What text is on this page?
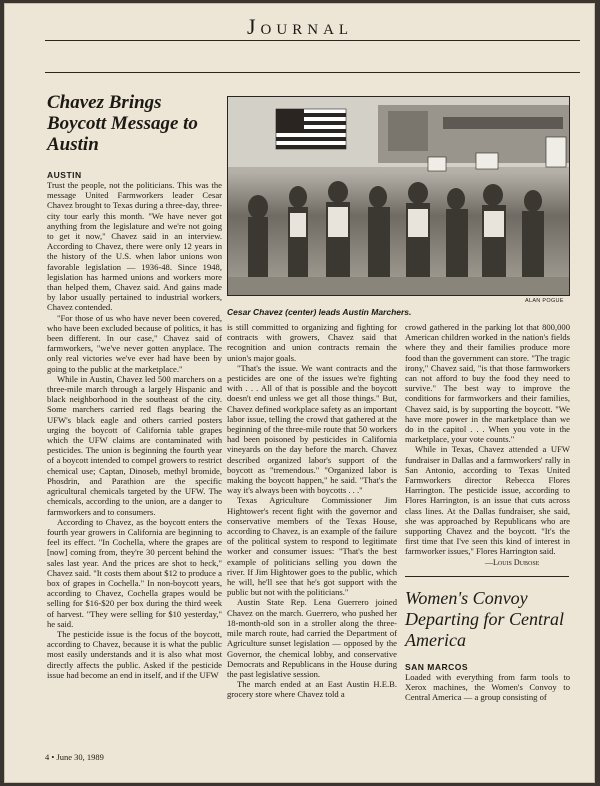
Journal
Chavez Brings Boycott Message to Austin
ALAN POGUE
Cesar Chavez (center) leads Austin Marchers.
AUSTIN

Trust the people, not the politicians. This was the message United Farmworkers leader Cesar Chavez brought to Texas during a three-day, three-city tour early this month. "We have never got anything from the legislature and we're not going to get it now," Chavez said in an interview. According to Chavez, there were only 12 years in the history of the U.S. when labor unions won favorable legislation — 1936-48. Since 1948, legislation has harmed unions and workers more than helped them, Chavez said. And gains made by labor usually pertained to industrial workers, Chavez contended.

"For those of us who have never been covered, who have been excluded because of politics, it has been different. In our case," Chavez said of farmworkers, "we've never gotten anyplace. The only real victories we've ever had have been by going to the public at the marketplace."

While in Austin, Chavez led 500 marchers on a three-mile march through a largely Hispanic and black neighborhood in the southeast of the city. Some marchers carried red flags bearing the UFW's black eagle and others carried posters urging the boycott of California table grapes which the UFW claims are contaminated with pesticides. The union is beginning the fourth year of a boycott intended to compel growers to restrict chemical use; Captan, Dinoseb, methyl bromide, Phosdrin, and Parathion are the specific agricultural chemicals targeted by the UFW. The chemicals, according to the union, are a danger to farmworkers and to consumers.

According to Chavez, as the boycott enters the fourth year growers in California are beginning to feel its effect. "In Cochella, where the grapes are [now] coming from, they're 30 percent behind the sales last year. And the prices are shot to heck," Chavez said. "It costs them about $12 to produce a box of grapes in Cochella." In non-boycott years, according to Chavez, Cochella grapes would be selling for $16-$20 per box during the third week of harvest. "They were selling for $10 yesterday," he said.

The pesticide issue is the focus of the boycott, according to Chavez, because it is what the public most easily understands and it is also what most directly affects the public. Asked if the pesticide issue had become an end in itself, and if the UFW

is still committed to organizing and fighting for contracts with growers, Chavez said that recognition and union contracts remain the union's major goals.

"That's the issue. We want contracts and the pesticides are one of the issues we're fighting with . . . All of that is possible and the boycott doesn't end unless we get all those things." But, Chavez defined workplace safety as an important labor issue, telling the crowd that gathered at the beginning of the three-mile route that 50 workers had been poisoned by pesticides in California vineyards on the day before the march. Chavez described organized labor's support of the boycott as "tremendous." "Organized labor is making the boycott happen," he said. "That's the way it's always been with boycotts . . ."

Texas Agriculture Commissioner Jim Hightower's recent fight with the governor and conservative members of the Texas House, according to Chavez, is an example of the failure of the political system to respond to legitimate worker and consumer issues: "That's the best example of politicians selling you down the river. If Jim Hightower goes to the public, which he will, he'll see that he's got support with the public but not with the politicians."

Austin State Rep. Lena Guerrero joined Chavez on the march. Guerrero, who pushed her 18-month-old son in a stroller along the three-mile march route, had carried the Department of Agriculture sunset legislation — opposed by the Governor, the chemical lobby, and conservative Democrats and Republicans in the House during the past legislative session.

The march ended at an East Austin H.E.B. grocery store where Chavez told a

crowd gathered in the parking lot that 800,000 American children worked in the nation's fields where they and their families produce more food than the government can store. "The tragic irony," Chavez said, "is that those farmworkers can not afford to buy the food they need to survive." The best way to improve the conditions for farmworkers and their families, Chavez said, is by supporting the boycott. "We have more power in the marketplace than we do in the capitol . . . When you vote in the marketplace, your vote counts."

While in Texas, Chavez attended a UFW fundraiser in Dallas and a farmworkers' rally in San Antonio, according to Texas United Farmworkers director Rebecca Flores Harrington. The pesticide issue, according to Flores Harrington, is an issue that cuts across class lines. At the Dallas fundraiser, she said, she was approached by Republicans who are supporting Chavez and the boycott. "It's the first time that I've seen this kind of interest in farmworker issues," Flores Harrington said.

—Louis Dubose
Women's Convoy Departing for Central America
SAN MARCOS

Loaded with everything from farm tools to Xerox machines, the Women's Convoy to Central America — a group consisting of

4 • June 30, 1989
